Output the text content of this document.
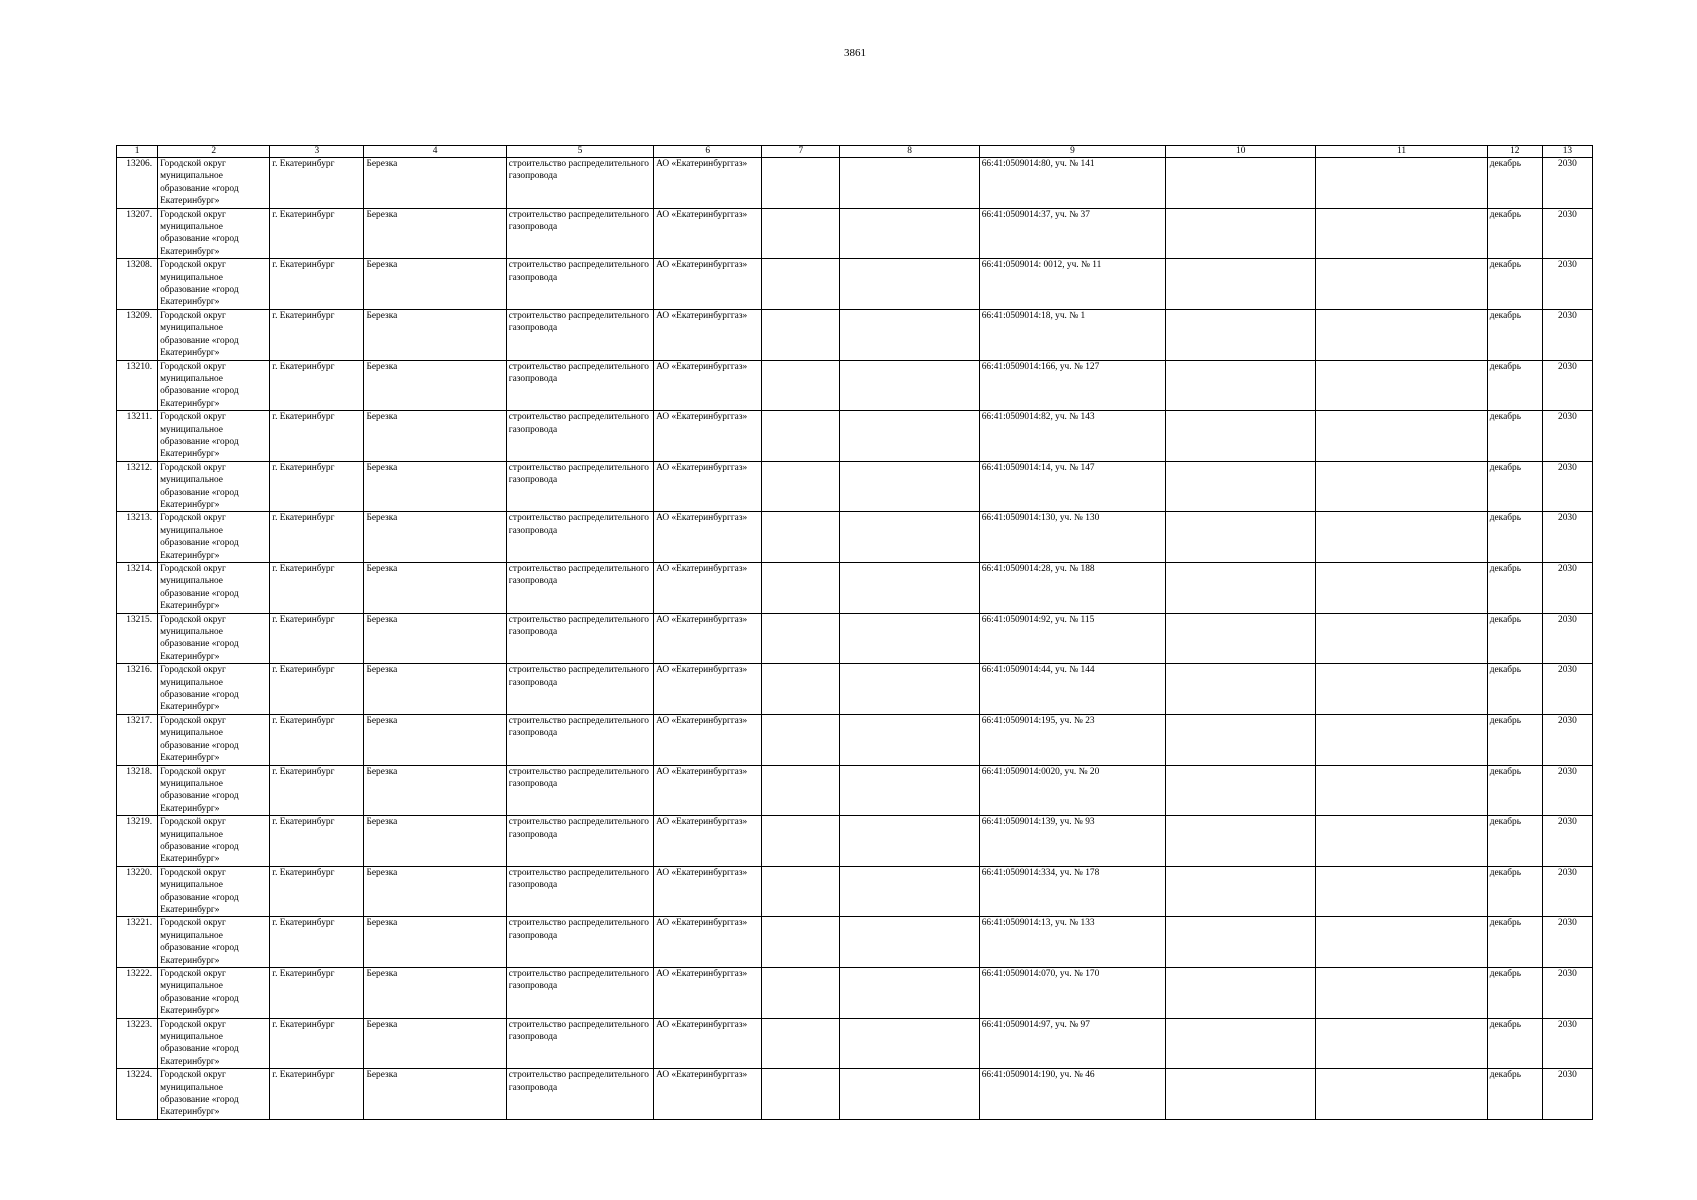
3861
1	2	3	4	5	6	7	8	9	10	11	12	13
13206.	Городской округ муниципальное образование «город Екатеринбург»	г. Екатеринбург	Березка	строительство распределительного газопровода	АО «Екатеринбурггаз»			66:41:0509014:80, уч. № 141			декабрь	2030
13207.	Городской округ муниципальное образование «город Екатеринбург»	г. Екатеринбург	Березка	строительство распределительного газопровода	АО «Екатеринбурггаз»			66:41:0509014:37, уч. № 37			декабрь	2030
13208.	Городской округ муниципальное образование «город Екатеринбург»	г. Екатеринбург	Березка	строительство распределительного газопровода	АО «Екатеринбурггаз»			66:41:0509014: 0012, уч. № 11			декабрь	2030
13209.	Городской округ муниципальное образование «город Екатеринбург»	г. Екатеринбург	Березка	строительство распределительного газопровода	АО «Екатеринбурггаз»			66:41:0509014:18, уч. № 1			декабрь	2030
13210.	Городской округ муниципальное образование «город Екатеринбург»	г. Екатеринбург	Березка	строительство распределительного газопровода	АО «Екатеринбурггаз»			66:41:0509014:166, уч. № 127			декабрь	2030
13211.	Городской округ муниципальное образование «город Екатеринбург»	г. Екатеринбург	Березка	строительство распределительного газопровода	АО «Екатеринбурггаз»			66:41:0509014:82, уч. № 143			декабрь	2030
13212.	Городской округ муниципальное образование «город Екатеринбург»	г. Екатеринбург	Березка	строительство распределительного газопровода	АО «Екатеринбурггаз»			66:41:0509014:14, уч. № 147			декабрь	2030
13213.	Городской округ муниципальное образование «город Екатеринбург»	г. Екатеринбург	Березка	строительство распределительного газопровода	АО «Екатеринбурггаз»			66:41:0509014:130, уч. № 130			декабрь	2030
13214.	Городской округ муниципальное образование «город Екатеринбург»	г. Екатеринбург	Березка	строительство распределительного газопровода	АО «Екатеринбурггаз»			66:41:0509014:28, уч. № 188			декабрь	2030
13215.	Городской округ муниципальное образование «город Екатеринбург»	г. Екатеринбург	Березка	строительство распределительного газопровода	АО «Екатеринбурггаз»			66:41:0509014:92, уч. № 115			декабрь	2030
13216.	Городской округ муниципальное образование «город Екатеринбург»	г. Екатеринбург	Березка	строительство распределительного газопровода	АО «Екатеринбурггаз»			66:41:0509014:44, уч. № 144			декабрь	2030
13217.	Городской округ муниципальное образование «город Екатеринбург»	г. Екатеринбург	Березка	строительство распределительного газопровода	АО «Екатеринбурггаз»			66:41:0509014:195, уч. № 23			декабрь	2030
13218.	Городской округ муниципальное образование «город Екатеринбург»	г. Екатеринбург	Березка	строительство распределительного газопровода	АО «Екатеринбурггаз»			66:41:0509014:0020, уч. № 20			декабрь	2030
13219.	Городской округ муниципальное образование «город Екатеринбург»	г. Екатеринбург	Березка	строительство распределительного газопровода	АО «Екатеринбурггаз»			66:41:0509014:139, уч. № 93			декабрь	2030
13220.	Городской округ муниципальное образование «город Екатеринбург»	г. Екатеринбург	Березка	строительство распределительного газопровода	АО «Екатеринбурггаз»			66:41:0509014:334, уч. № 178			декабрь	2030
13221.	Городской округ муниципальное образование «город Екатеринбург»	г. Екатеринбург	Березка	строительство распределительного газопровода	АО «Екатеринбурггаз»			66:41:0509014:13, уч. № 133			декабрь	2030
13222.	Городской округ муниципальное образование «город Екатеринбург»	г. Екатеринбург	Березка	строительство распределительного газопровода	АО «Екатеринбурггаз»			66:41:0509014:070, уч. № 170			декабрь	2030
13223.	Городской округ муниципальное образование «город Екатеринбург»	г. Екатеринбург	Березка	строительство распределительного газопровода	АО «Екатеринбурггаз»			66:41:0509014:97, уч. № 97			декабрь	2030
13224.	Городской округ муниципальное образование «город Екатеринбург»	г. Екатеринбург	Березка	строительство распределительного газопровода	АО «Екатеринбурггаз»			66:41:0509014:190, уч. № 46			декабрь	2030
